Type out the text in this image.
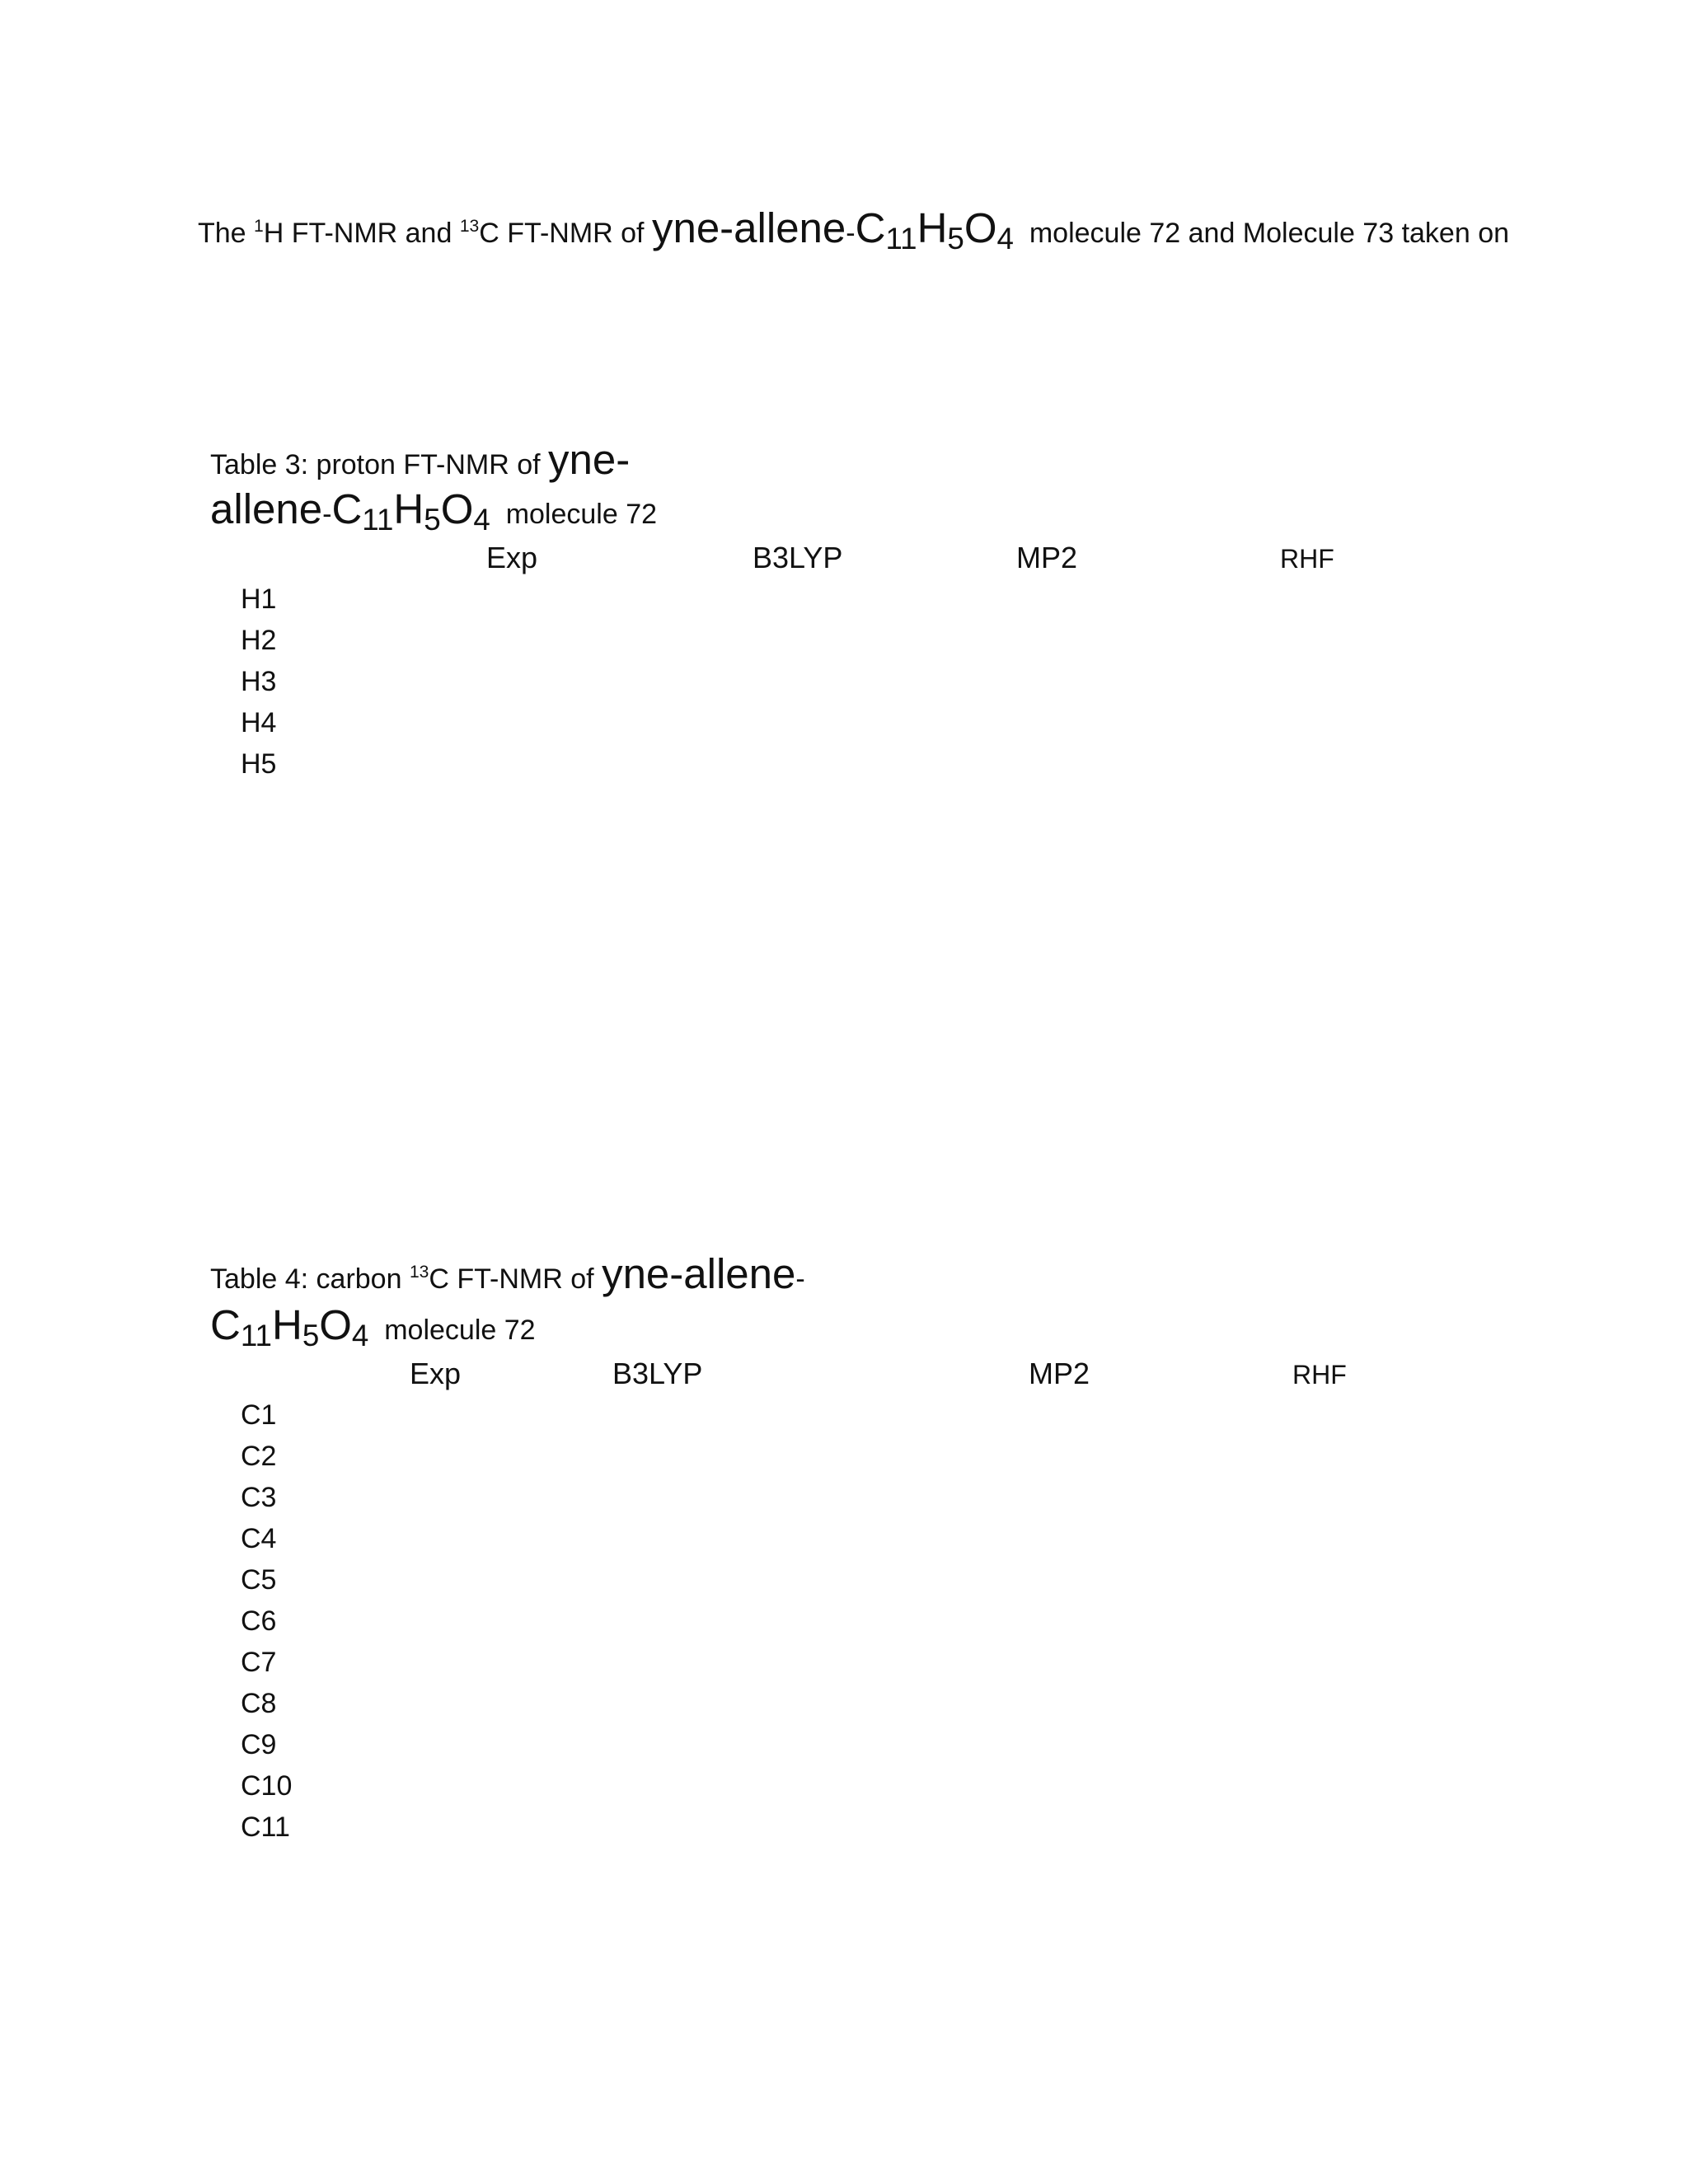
The $^1$H FT-NMR and $^{13}$C FT-NMR of yne-$allene-C_{11}H_5O_4$ molecule 72 and Molecule 73 taken on
Table 3: proton FT-NMR of yne-
allene-$C_{11}H_5O_4$ molecule 72
Exp	B3LYP	MP2	RHF
H1
H2
H3
H4
H5
Table 4: carbon $^{13}$C FT-NMR of yne-allene-
$C_{11}H_5O_4$ molecule 72
Exp	B3LYP	MP2	RHF
C1
C2
C3
C4
C5
C6
C7
C8
C9
C10
C11
